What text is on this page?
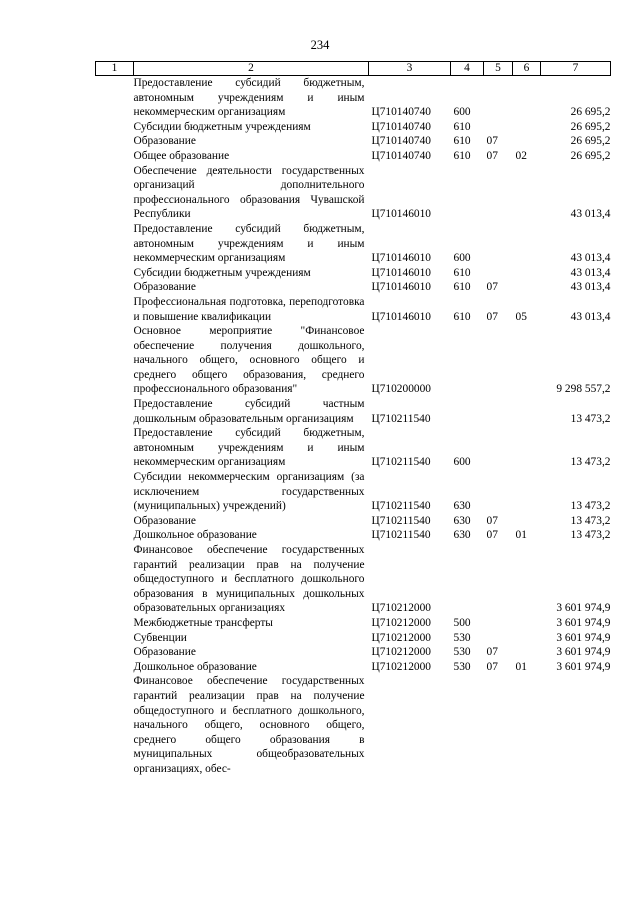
234
1	2	3	4	5	6	7
	Предоставление субсидий бюджетным, автономным учреждениям и иным некоммерческим организациям	Ц710140740	600			26 695,2
	Субсидии бюджетным учреждениям	Ц710140740	610			26 695,2
	Образование	Ц710140740	610	07		26 695,2
	Общее образование	Ц710140740	610	07	02	26 695,2
	Обеспечение деятельности государственных организаций дополнительного профессионального образования Чувашской Республики	Ц710146010				43 013,4
	Предоставление субсидий бюджетным, автономным учреждениям и иным некоммерческим организациям	Ц710146010	600			43 013,4
	Субсидии бюджетным учреждениям	Ц710146010	610			43 013,4
	Образование	Ц710146010	610	07		43 013,4
	Профессиональная подготовка, переподготовка и повышение квалификации	Ц710146010	610	07	05	43 013,4
	Основное мероприятие "Финансовое обеспечение получения дошкольного, начального общего, основного общего и среднего общего образования, среднего профессионального образования"	Ц710200000				9 298 557,2
	Предоставление субсидий частным дошкольным образовательным организациям	Ц710211540				13 473,2
	Предоставление субсидий бюджетным, автономным учреждениям и иным некоммерческим организациям	Ц710211540	600			13 473,2
	Субсидии некоммерческим организациям (за исключением государственных (муниципальных) учреждений)	Ц710211540	630			13 473,2
	Образование	Ц710211540	630	07		13 473,2
	Дошкольное образование	Ц710211540	630	07	01	13 473,2
	Финансовое обеспечение государственных гарантий реализации прав на получение общедоступного и бесплатного дошкольного образования в муниципальных дошкольных образовательных организациях	Ц710212000				3 601 974,9
	Межбюджетные трансферты	Ц710212000	500			3 601 974,9
	Субвенции	Ц710212000	530			3 601 974,9
	Образование	Ц710212000	530	07		3 601 974,9
	Дошкольное образование	Ц710212000	530	07	01	3 601 974,9
	Финансовое обеспечение государственных гарантий реализации прав на получение общедоступного и бесплатного дошкольного, начального общего, основного общего, среднего общего образования в муниципальных общеобразовательных организациях, обес-					
